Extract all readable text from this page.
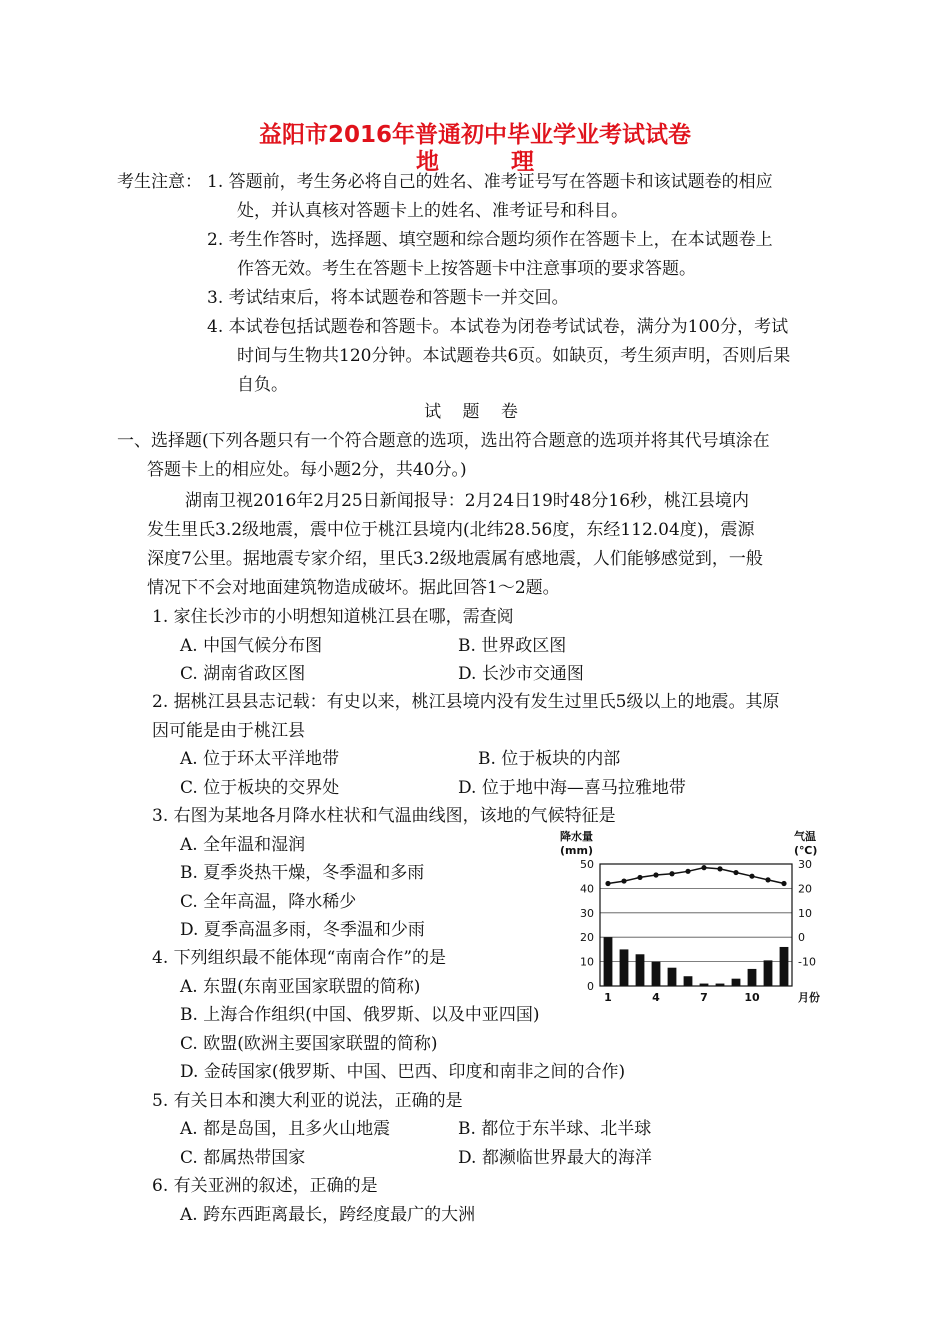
益阳市2016年普通初中毕业学业考试试卷
地 理
考生注意： 1. 答题前，考生务必将自己的姓名、准考证号写在答题卡和该试题卷的相应
处，并认真核对答题卡上的姓名、准考证号和科目。
2. 考生作答时，选择题、填空题和综合题均须作在答题卡上，在本试题卷上
作答无效。考生在答题卡上按答题卡中注意事项的要求答题。
3. 考试结束后，将本试题卷和答题卡一并交回。
4. 本试卷包括试题卷和答题卡。本试卷为闭卷考试试卷，满分为100分，考试
时间与生物共120分钟。本试题卷共6页。如缺页，考生须声明，否则后果
自负。
试 题 卷
一、选择题(下列各题只有一个符合题意的选项，选出符合题意的选项并将其代号填涂在
答题卡上的相应处。每小题2分，共40分。)
湖南卫视2016年2月25日新闻报导：2月24日19时48分16秒，桃江县境内
发生里氏3.2级地震，震中位于桃江县境内(北纬28.56度，东经112.04度)，震源
深度7公里。据地震专家介绍，里氏3.2级地震属有感地震，人们能够感觉到，一般
情况下不会对地面建筑物造成破坏。据此回答1～2题。
1. 家住长沙市的小明想知道桃江县在哪，需查阅
A. 中国气候分布图	B. 世界政区图
C. 湖南省政区图	D. 长沙市交通图
2. 据桃江县县志记载：有史以来，桃江县境内没有发生过里氏5级以上的地震。其原
因可能是由于桃江县
A. 位于环太平洋地带	B. 位于板块的内部
C. 位于板块的交界处	D. 位于地中海—喜马拉雅地带
3. 右图为某地各月降水柱状和气温曲线图，该地的气候特征是
A. 全年温和湿润
B. 夏季炎热干燥，冬季温和多雨
C. 全年高温，降水稀少
D. 夏季高温多雨，冬季温和少雨
4. 下列组织最不能体现“南南合作”的是
A. 东盟(东南亚国家联盟的简称)
B. 上海合作组织(中国、俄罗斯、以及中亚四国)
C. 欧盟(欧洲主要国家联盟的简称)
D. 金砖国家(俄罗斯、中国、巴西、印度和南非之间的合作)
5. 有关日本和澳大利亚的说法，正确的是
A. 都是岛国，且多火山地震	B. 都位于东半球、北半球
C. 都属热带国家	D. 都濒临世界最大的海洋
6. 有关亚洲的叙述，正确的是
A. 跨东西距离最长，跨经度最广的大洲
0
10
20
30
40
50
-10
0
10
20
30
降水量
(mm)
气温
(℃)
1	4	7	10	月份
